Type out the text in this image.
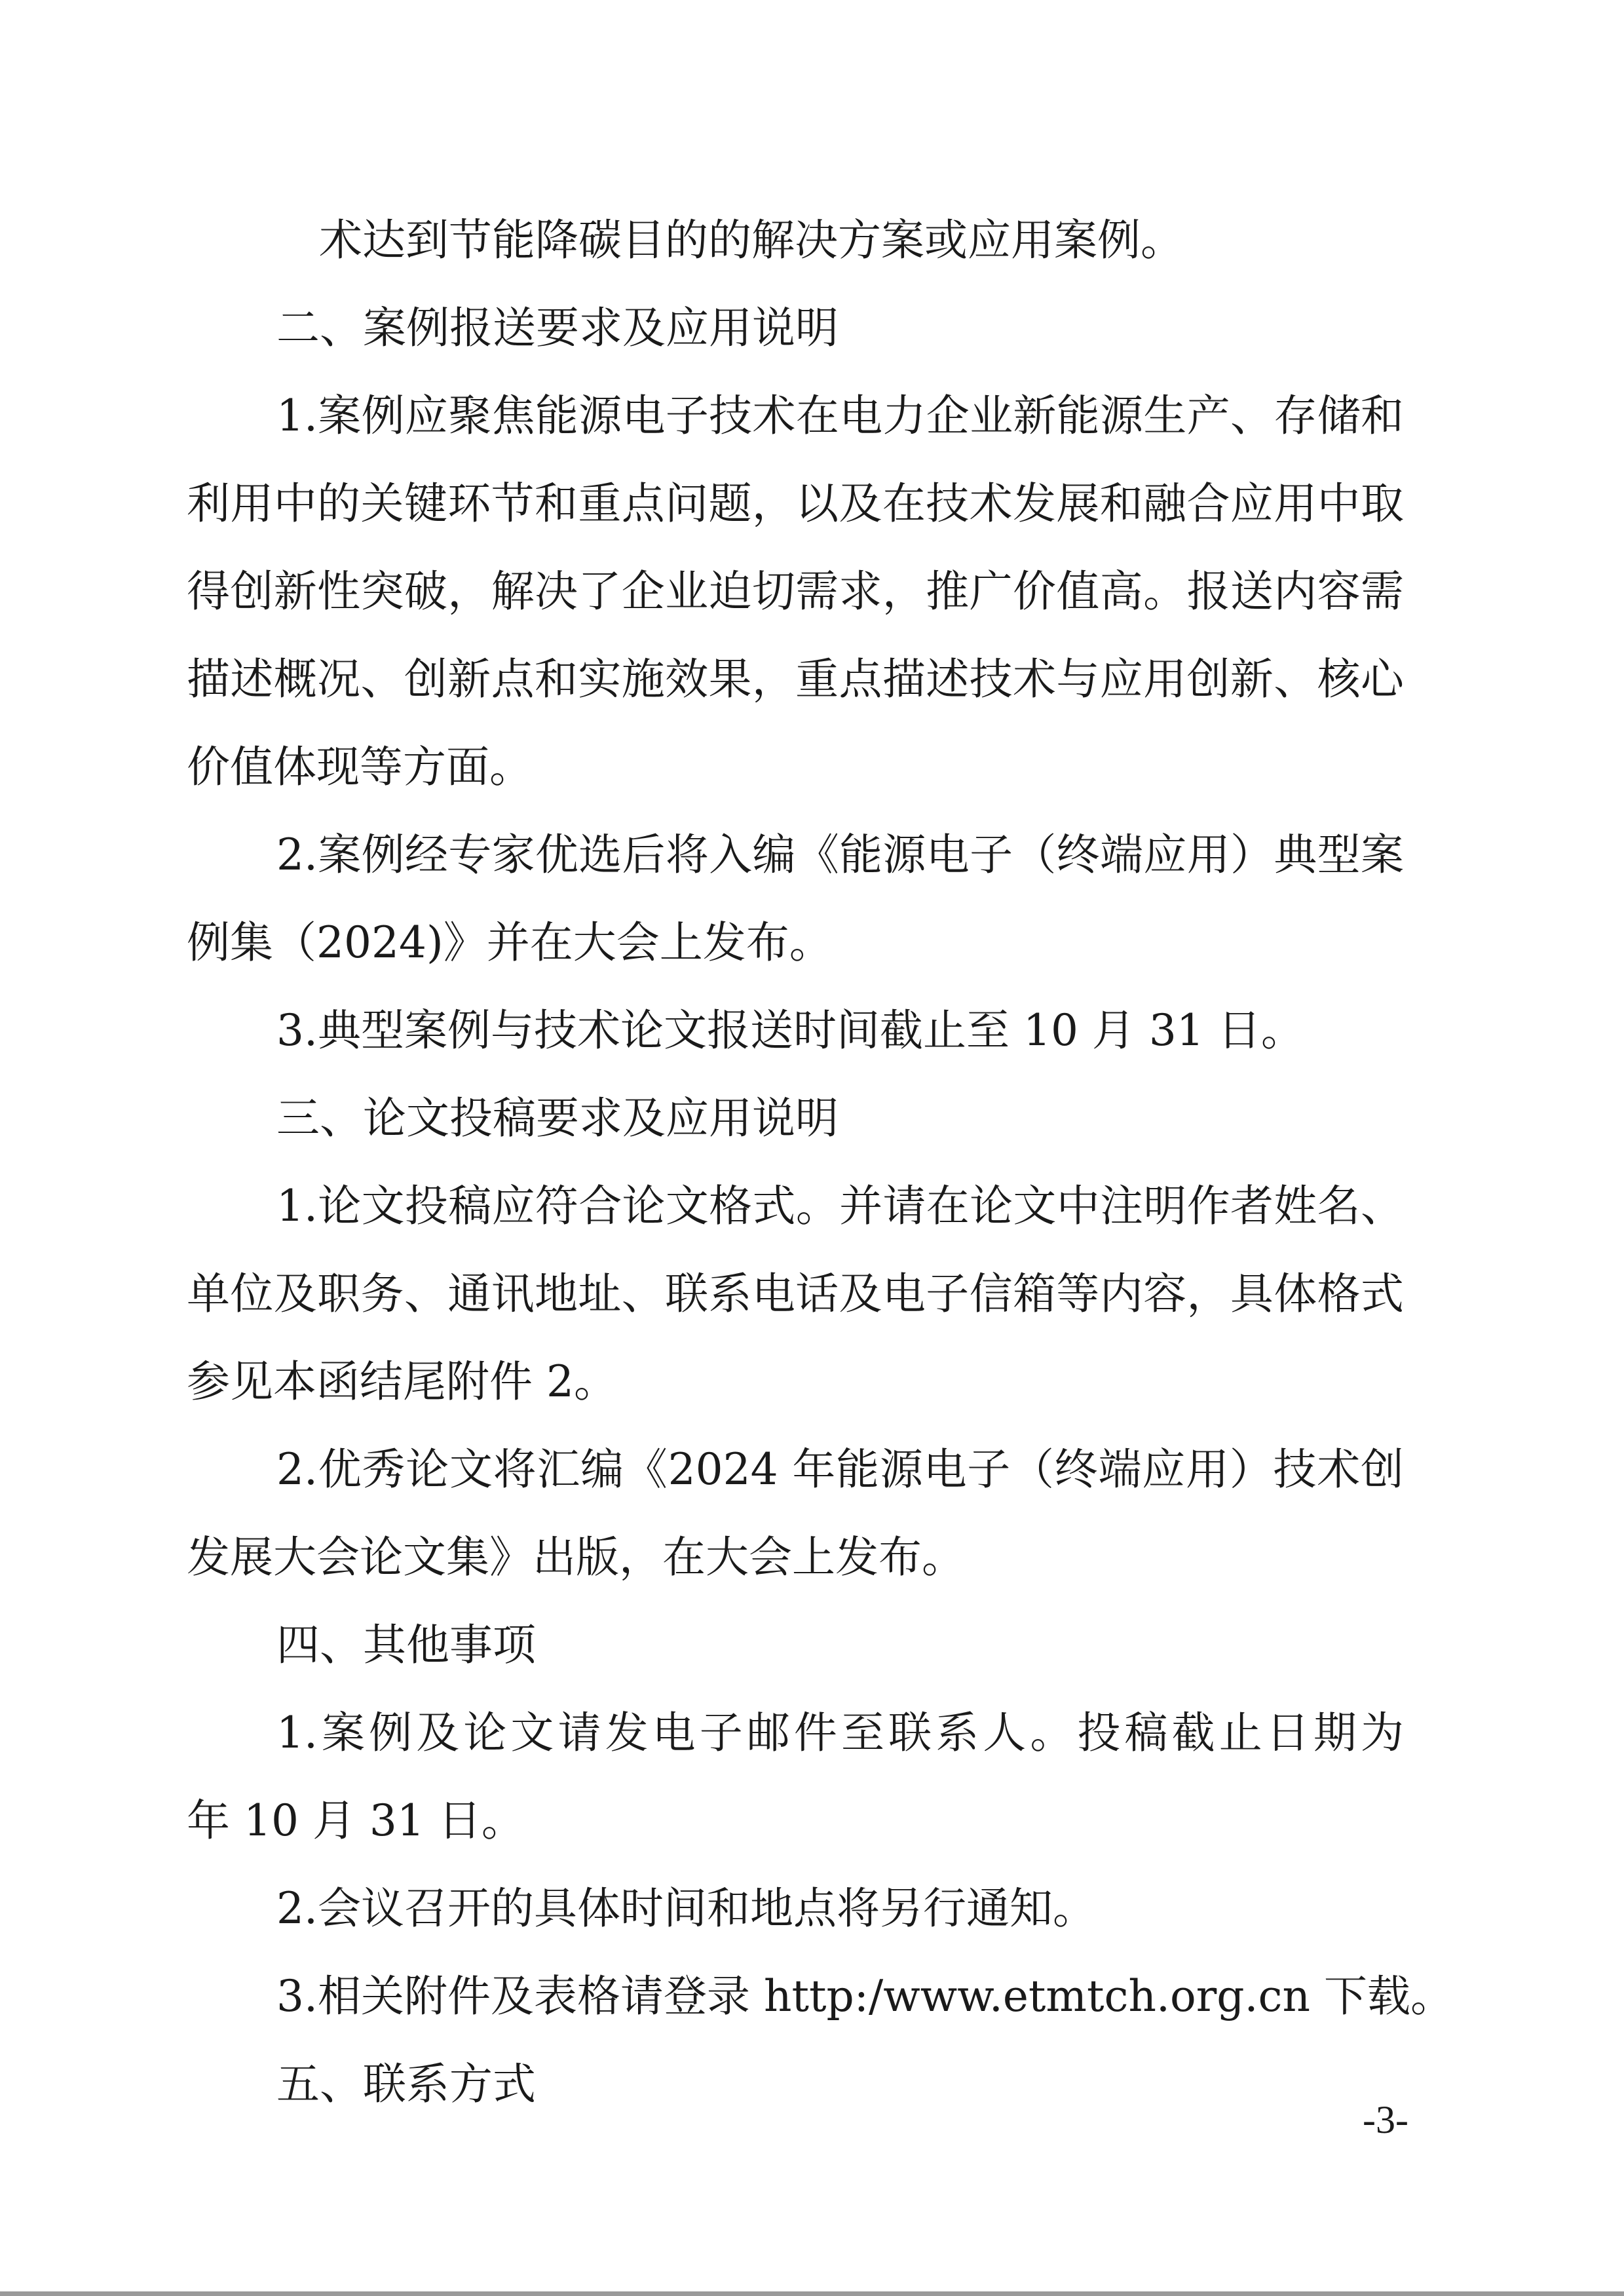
术达到节能降碳目的的解决方案或应用案例。
二、案例报送要求及应用说明
1.案例应聚焦能源电子技术在电力企业新能源生产、存储和
利用中的关键环节和重点问题，以及在技术发展和融合应用中取
得创新性突破，解决了企业迫切需求，推广价值高。报送内容需
描述概况、创新点和实施效果，重点描述技术与应用创新、核心
价值体现等方面。
2.案例经专家优选后将入编《能源电子（终端应用）典型案
例集（2024)》并在大会上发布。
3.典型案例与技术论文报送时间截止至 10 月 31 日。
三、论文投稿要求及应用说明
1.论文投稿应符合论文格式。并请在论文中注明作者姓名、
单位及职务、通讯地址、联系电话及电子信箱等内容，具体格式
参见本函结尾附件 2。
2.优秀论文将汇编《2024 年能源电子（终端应用）技术创
发展大会论文集》出版，在大会上发布。
四、其他事项
1.案例及论文请发电子邮件至联系人。投稿截止日期为
年 10 月 31 日。
2.会议召开的具体时间和地点将另行通知。
3.相关附件及表格请登录 http:/www.etmtch.org.cn 下载。
五、联系方式
-3-
